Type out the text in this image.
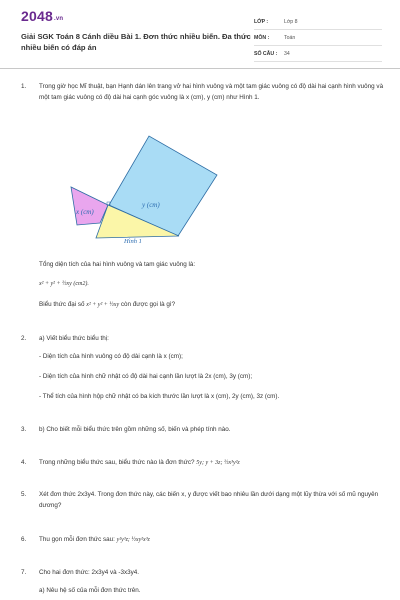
2048.vn
Giải SGK Toán 8 Cánh diều Bài 1. Đơn thức nhiều biến. Đa thức nhiều biến có đáp án
LỚP :	Lớp 8
MÔN :	Toán
SỐ CÂU :	34
1.	Trong giờ học Mĩ thuật, bạn Hạnh dán lên trang vở hai hình vuông và một tam giác vuông có độ dài hai cạnh hình vuông và một tam giác vuông có độ dài hai cạnh góc vuông là x (cm), y (cm) như Hình 1.
x (cm)
y (cm)
Hình 1
Tổng diện tích của hai hình vuông và tam giác vuông là:
x² + y² + ½xy (cm2).
Biểu thức đại số x² + y² + ½xy còn được gọi là gì?
2.	a) Viết biểu thức biểu thị:
- Diện tích của hình vuông có độ dài cạnh là x (cm);
- Diện tích của hình chữ nhật có độ dài hai cạnh lần lượt là 2x (cm), 3y (cm);
- Thể tích của hình hộp chữ nhật có ba kích thước lần lượt là x (cm), 2y (cm), 3z (cm).
3.	b) Cho biết mỗi biểu thức trên gồm những số, biến và phép tính nào.
4.	Trong những biểu thức sau, biểu thức nào là đơn thức? 5y; y + 3z; ½x³y²z
5.	Xét đơn thức 2x3y4. Trong đơn thức này, các biến x, y được viết bao nhiêu lần dưới dạng một lũy thừa với số mũ nguyên dương?
6.	Thu gọn mỗi đơn thức sau: y²y³z; ½xy²x³z
7.	Cho hai đơn thức: 2x3y4 và -3x3y4.
a) Nêu hệ số của mỗi đơn thức trên.
